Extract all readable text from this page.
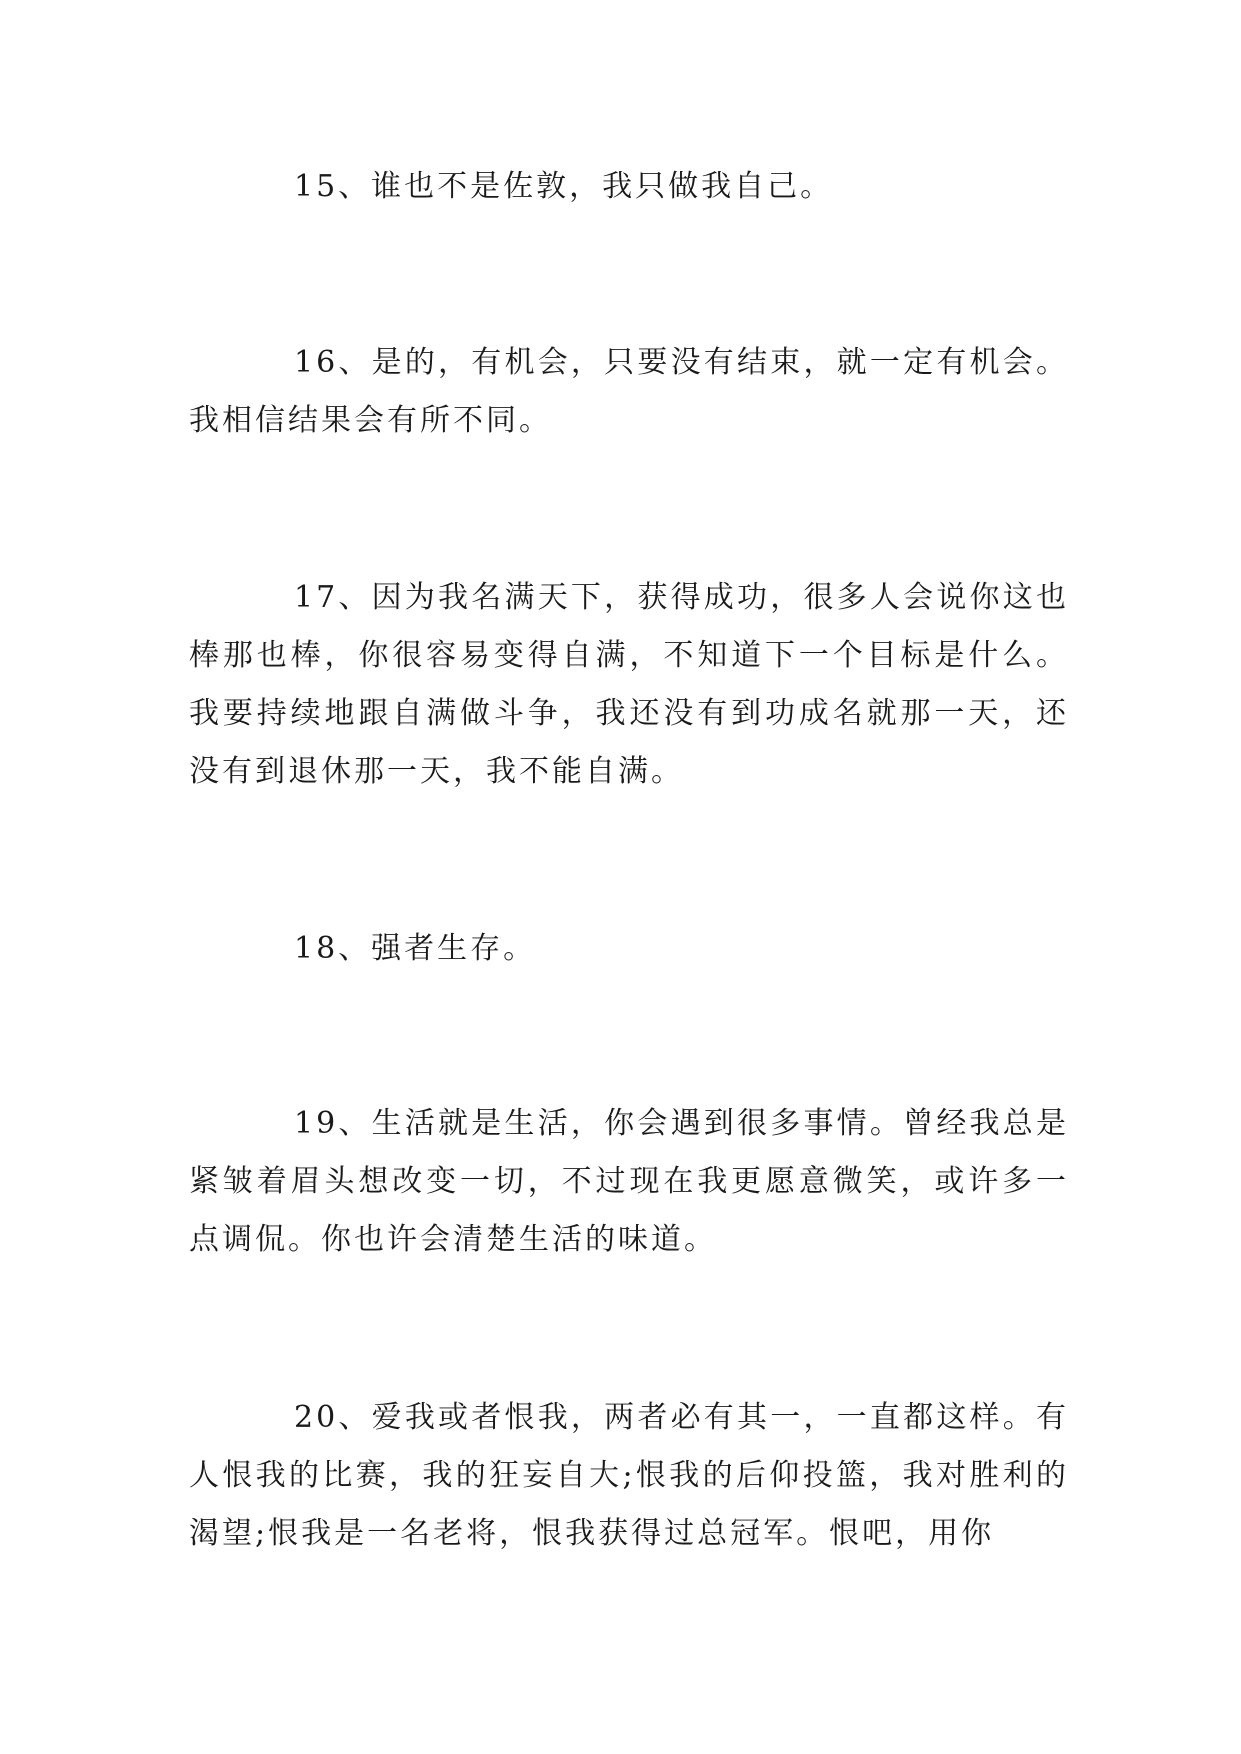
15、谁也不是佐敦，我只做我自己。

16、是的，有机会，只要没有结束，就一定有机会。我相信结果会有所不同。

17、因为我名满天下，获得成功，很多人会说你这也棒那也棒，你很容易变得自满，不知道下一个目标是什么。我要持续地跟自满做斗争，我还没有到功成名就那一天，还没有到退休那一天，我不能自满。

18、强者生存。

19、生活就是生活，你会遇到很多事情。曾经我总是紧皱着眉头想改变一切，不过现在我更愿意微笑，或许多一点调侃。你也许会清楚生活的味道。

20、爱我或者恨我，两者必有其一，一直都这样。有人恨我的比赛，我的狂妄自大;恨我的后仰投篮，我对胜利的渴望;恨我是一名老将，恨我获得过总冠军。恨吧，用你
